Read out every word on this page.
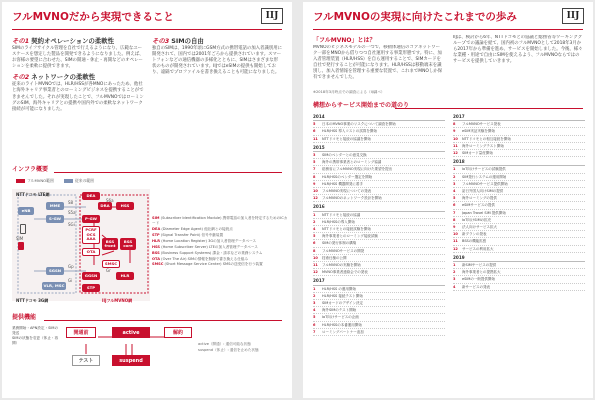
フルMVNOだから実現できること	IIJ
その1 契約オペレーションの柔軟性
SIMのライフサイクル管理を自社で行えるようになり、広範なユースケースを想定した製品を開発できるようになりました。例えば、お客様の要望に合わせた、SIMの開通・休止・再開などのオペレーションを柔軟に提供できます。
その2 ネットワークの柔軟性
従来のライトMVNOでは、HLR/HSSが各MNOにあったため、他社と海外キャリア事業者とのローミングビジネスを提携することができませんでした。それが実現したことで、フルMVNOではローミングのSIM、海外キャリアとの提携や国内外での柔軟なネットワーク接続が可能になりました。
その3 SIMの自由
独自のSIMは、1990年頃にGSM方式の携帯電話の加入者識別用に開発されて、国内では2001年ごろから提供されています。スマートフォンなどの通信機器の多様化とともに、SIMはさまざまな形状のものが開発されています。IIJではeSIMの提供も開始しており、遠隔でプロファイルを書き換えることも可能になりました。
インフラ概要
フルMVNO範囲	従来の範囲
eNB
S-GW
MME	HSS
P-GW
PCRF OCS AAA
DEA
DRA
OTA
SMSC
BSS front
BSS core
HLR
GGSN
STP
SGSN
VLR, MSC
NTTドコモ LTE網
NTTドコモ 3G網	IIJフルMVNO網
S5a
S8	S6a
Gr
Gp
Gi
SGi
SIM
SIM (Subscriber Identification Module) 携帯電話の加入者を特定するためのICカード
DEA (Diameter Edge Agent) 他社網との接続点
STP (Signal Transfer Point) 信号中継装置
HLR (Home Location Register) 3Gの加入者管理データベース
HSS (Home Subscriber Server) LTEの加入者管理データベース
BSS (Business Support Systems) 課金・請求などの業務システム
OTA (Over The Air) SIMの情報を無線で書き換える仕組み
SMSC (Short Message Service Center) SMSの送受信を行う装置
提供機能
業務開始・APN設定・SIMの発送
SIMの状態を変更（休止・再開）
開通前	active	解約
テスト	suspend
active（開通）: 通信可能な状態
suspend（休止）: 通信を止めた状態
フルMVNOの実現に向けたこれまでの歩み	IIJ
「フルMVNO」とは？
MVNOのビジネスモデルの一つで、移動体通信のコアネットワーク一部をMNOから借りつつ自社運用する事業形態です。特に、加入者管理装置（HLR/HSS）を自ら運用することで、SIMカードを自社で発行することが可能になります。HLR/HSSは移動端末を識別し、加入者情報を管理する重要な装置で、これまでMNOしか保有できませんでした。
IIJは、検討から6年、NTTドコモとの協議と総務省等ワーキンググループでの議論を経て、国内初のフルMVNOとして2018年3月から2017年から準備を進め、サービスを開始しました。今後、様々な業種・用途で自由にSIMを使えるよう、フルMVNOならではのサービスを提供していきます。
※2018年3月時点での調査による（IIJ調べ）
構想からサービス開始までの道のり
2014
5	日本のMVNO事業のリスクについて調査を開始
6	HLR/HSS 導入コストの試算を開始
11	NTTドコモと接続の協議を開始
2015
3	SIMのベンダーとの意見交換
5	海外の携帯事業者とのローミング協議
7	総務省にフルMVNO実現に向けた要望を提出
8	HLR/HSSのベンダー選定を開始
9	HLR/HSS 機器開発に着手
10	フルMVNO実現についての発表
12	フルMVNOのネットワーク設計を開始
2016
1	NTTドコモと接続の協議
2	HLR/HSSの導入開始
4	NTTドコモとの接続試験を開始
5	海外事業者とのローミング接続試験
6	SIMの発行体制の構築
8	フルMVNOサービスの開発
10	技術仕様の公開
11	フルMVNOの実験を開始
12	MVNO事業者連絡会での発表
2017
1	HLR/HSS の運用開始
2	HLR/HSS 接続テスト開始
3	SIMカードのデザイン決定
4	海外SIMのテスト開始
5	IoT向けサービスの企画
6	HLR/HSSの本番運用開始
7	ローミングパートナー追加
2017
8	フルMVNOサービス発表
9	eSIM実証実験を開始
10	NTTドコモとの相互接続を開始
11	海外ローミングテスト開始
12	SIMカード量産開始
2018
1	IoT向けサービスの試験提供
2	SIM発行システムの運用開始
3	フルMVNOサービス提供開始
4	訪日外国人向けSIMの提供
5	海外ローミングの提供
6	eSIMサービスの提供
7	Japan Travel SIM 提供開始
8	IoT向けSIMの拡充
9	法人向けサービス拡大
10	新プランの発表
11	BSSの機能拡張
12	サービスの利用拡大
2019
1	新SIMサービスの提供
2	海外事業者との提携拡大
3	eSIMの一般提供開始
4	新サービスの発表
